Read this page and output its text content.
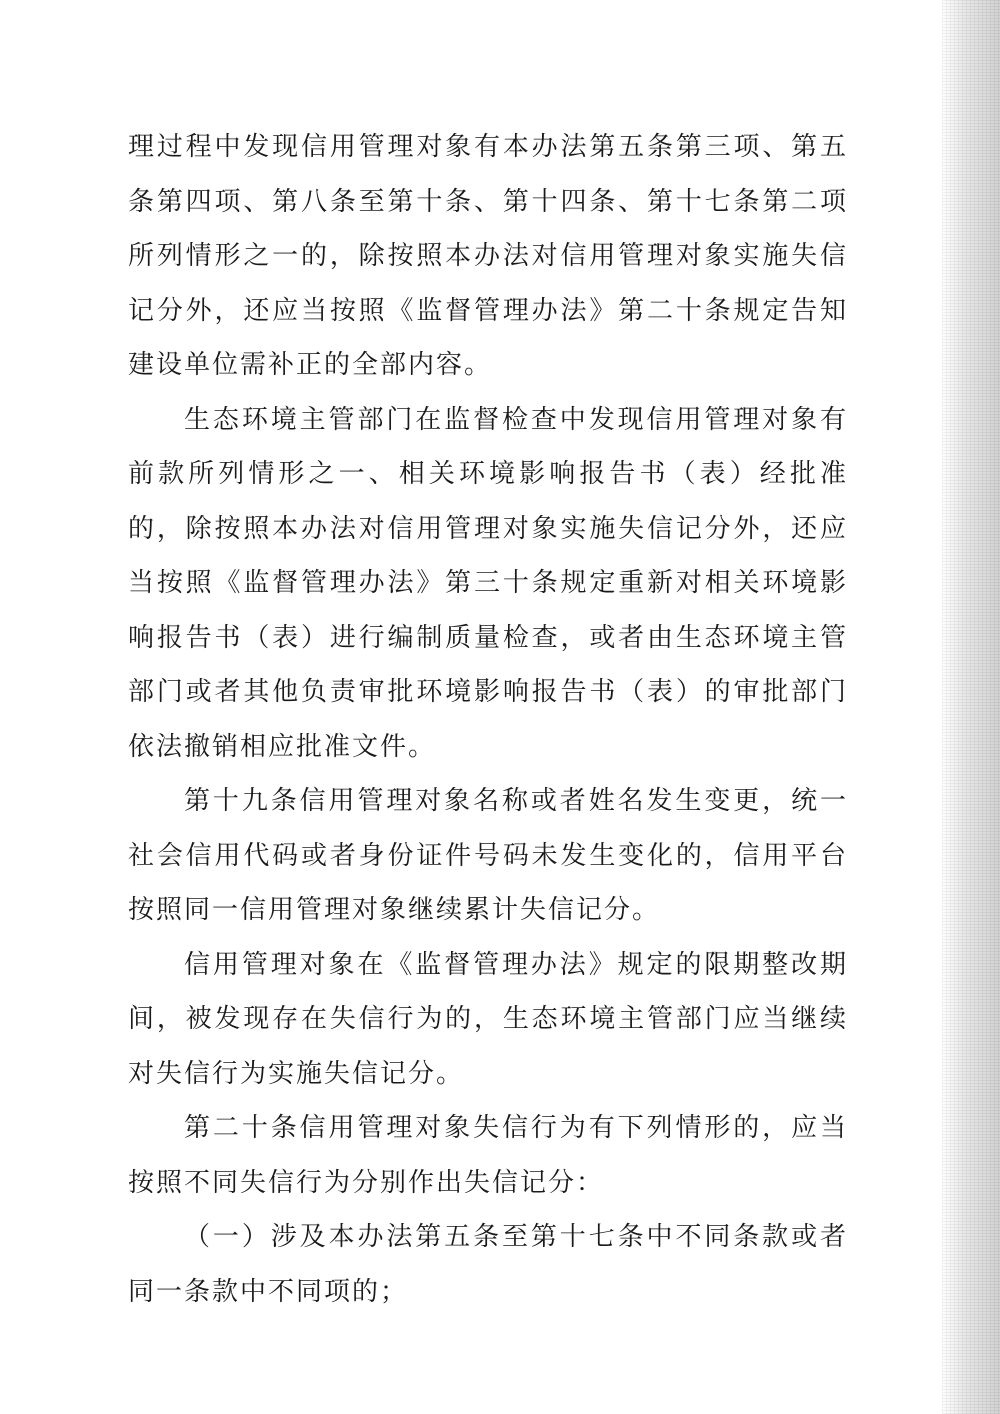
理过程中发现信用管理对象有本办法第五条第三项、第五条第四项、第八条至第十条、第十四条、第十七条第二项所列情形之一的，除按照本办法对信用管理对象实施失信记分外，还应当按照《监督管理办法》第二十条规定告知建设单位需补正的全部内容。

生态环境主管部门在监督检查中发现信用管理对象有前款所列情形之一、相关环境影响报告书（表）经批准的，除按照本办法对信用管理对象实施失信记分外，还应当按照《监督管理办法》第三十条规定重新对相关环境影响报告书（表）进行编制质量检查，或者由生态环境主管部门或者其他负责审批环境影响报告书（表）的审批部门依法撤销相应批准文件。

第十九条信用管理对象名称或者姓名发生变更，统一社会信用代码或者身份证件号码未发生变化的，信用平台按照同一信用管理对象继续累计失信记分。

信用管理对象在《监督管理办法》规定的限期整改期间，被发现存在失信行为的，生态环境主管部门应当继续对失信行为实施失信记分。

第二十条信用管理对象失信行为有下列情形的，应当按照不同失信行为分别作出失信记分：

（一）涉及本办法第五条至第十七条中不同条款或者同一条款中不同项的；
